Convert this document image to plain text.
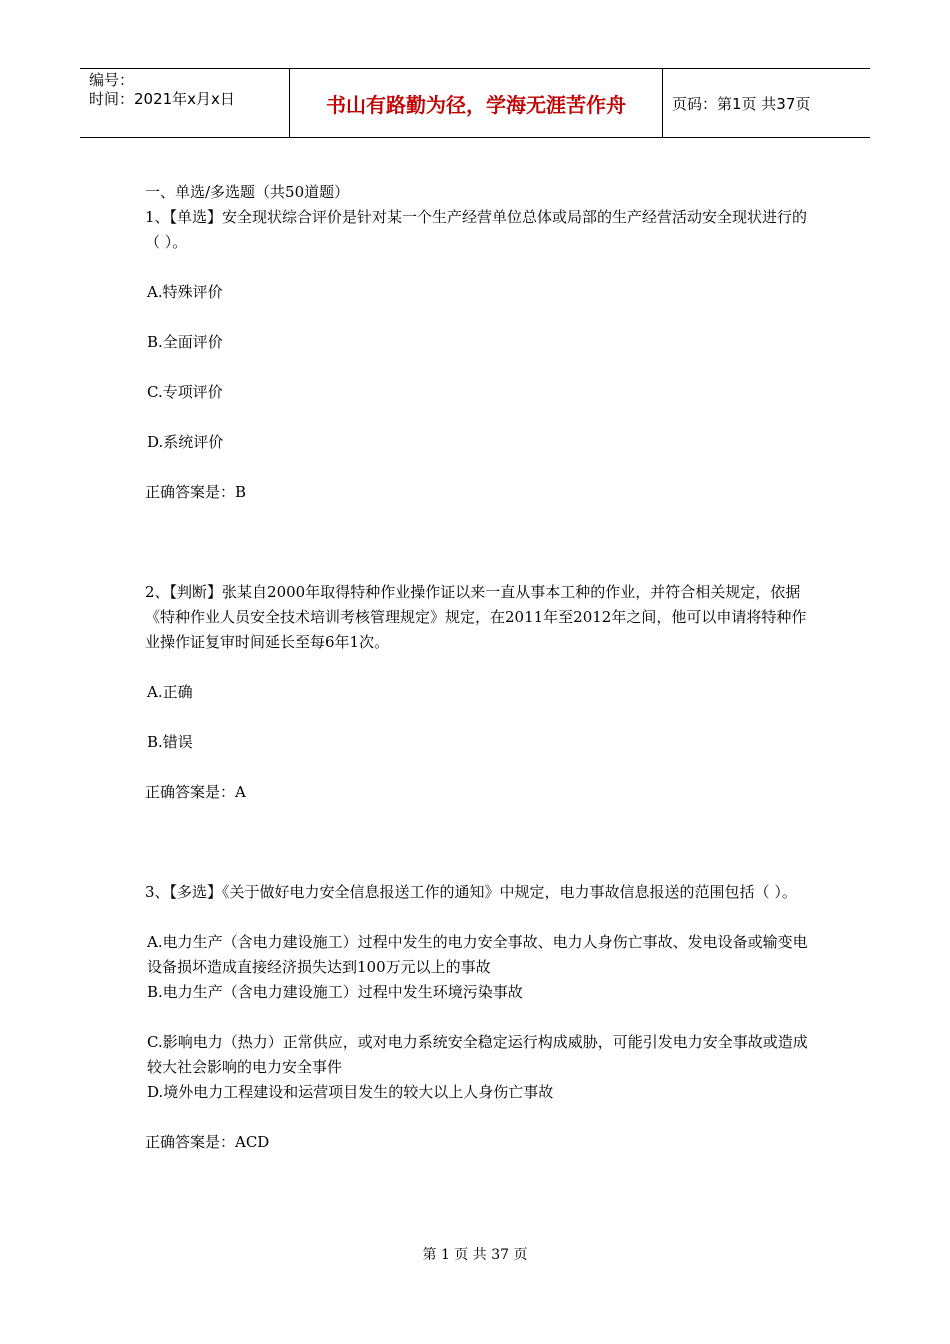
编号：
时间：2021年x月x日	书山有路勤为径，学海无涯苦作舟	页码：第1页 共37页

一、单选/多选题（共50道题）

1、【单选】安全现状综合评价是针对某一个生产经营单位总体或局部的生产经营活动安全现状进行的（ ）。

A.特殊评价

B.全面评价

C.专项评价

D.系统评价

正确答案是：B

2、【判断】张某自2000年取得特种作业操作证以来一直从事本工种的作业，并符合相关规定，依据《特种作业人员安全技术培训考核管理规定》规定，在2011年至2012年之间，他可以申请将特种作业操作证复审时间延长至每6年1次。

A.正确

B.错误

正确答案是：A

3、【多选】《关于做好电力安全信息报送工作的通知》中规定，电力事故信息报送的范围包括（ ）。

A.电力生产（含电力建设施工）过程中发生的电力安全事故、电力人身伤亡事故、发电设备或输变电设备损坏造成直接经济损失达到100万元以上的事故

B.电力生产（含电力建设施工）过程中发生环境污染事故

C.影响电力（热力）正常供应，或对电力系统安全稳定运行构成威胁，可能引发电力安全事故或造成较大社会影响的电力安全事件

D.境外电力工程建设和运营项目发生的较大以上人身伤亡事故

正确答案是：ACD

第 1 页 共 37 页
